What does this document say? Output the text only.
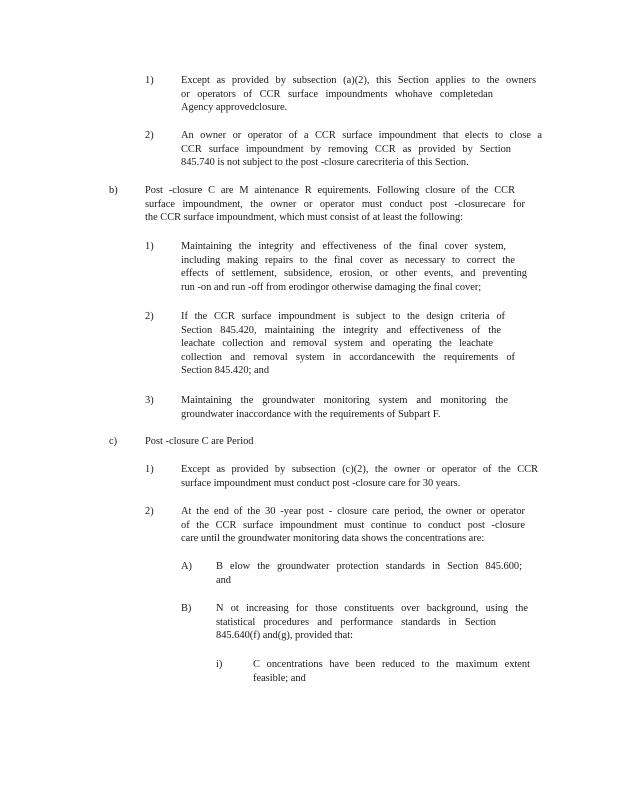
1)	Except as provided by subsection (a)(2), this Section applies to the owners
or operators of CCR surface impoundments whohave completedan
Agency approvedclosure.
2)	An owner or operator of a CCR surface impoundment that elects to close a
CCR surface impoundment by removing CCR as provided by Section
845.740 is not subject to the post -closure carecriteria of this Section.
b)	Post -closure C are M aintenance R equirements. Following closure of the CCR
surface impoundment, the owner or operator must conduct post -closurecare for
the CCR surface impoundment, which must consist of at least the following:
1)	Maintaining the integrity and effectiveness of the final cover system,
including making repairs to the final cover as necessary to correct the
effects of settlement, subsidence, erosion, or other events, and preventing
run -on and run -off from erodingor otherwise damaging the final cover;
2)	If the CCR surface impoundment is subject to the design criteria of
Section 845.420, maintaining the integrity and effectiveness of the
leachate collection and removal system and operating the leachate
collection and removal system in accordancewith the requirements of
Section 845.420; and
3)	Maintaining the groundwater monitoring system and monitoring the
groundwater inaccordance with the requirements of Subpart F.
c)	Post -closure C are Period
1)	Except as provided by subsection (c)(2), the owner or operator of the CCR
surface impoundment must conduct post -closure care for 30 years.
2)	At the end of the 30 -year post - closure care period, the owner or operator
of the CCR surface impoundment must continue to conduct post -closure
care until the groundwater monitoring data shows the concentrations are:
A) B elow the groundwater protection standards in Section 845.600;
and
B) N ot increasing for those constituents over background, using the
statistical procedures and performance standards in Section
845.640(f) and(g), provided that:
i)	C oncentrations have been reduced to the maximum extent
feasible; and
